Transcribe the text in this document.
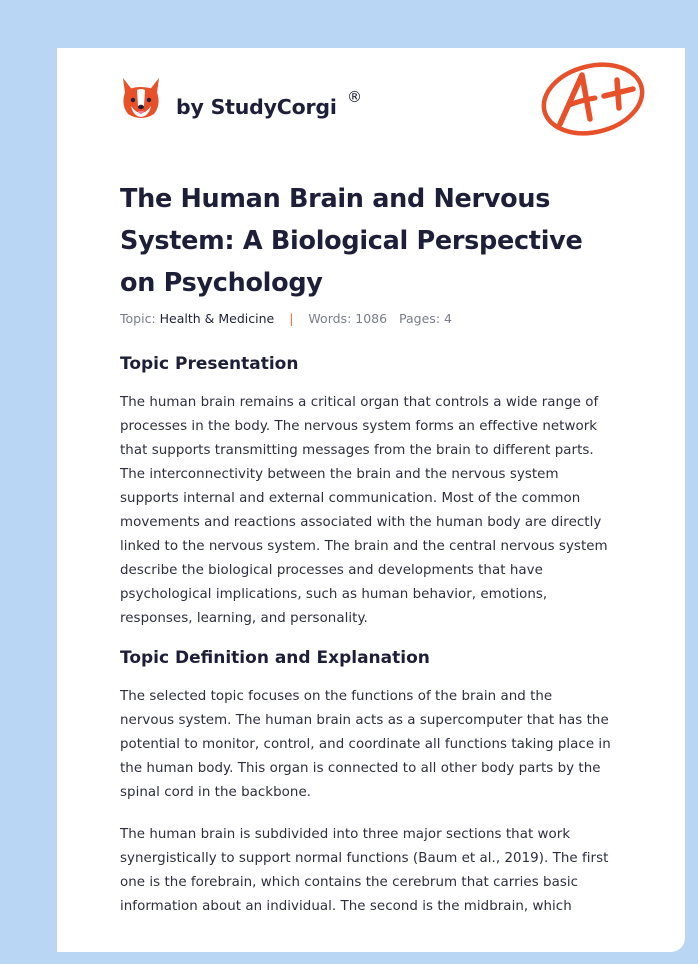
by StudyCorgi ®
The Human Brain and Nervous
System: A Biological Perspective
on Psychology
Topic: Health & Medicine | Words: 1086 Pages: 4
Topic Presentation

The human brain remains a critical organ that controls a wide range of
processes in the body. The nervous system forms an effective network
that supports transmitting messages from the brain to different parts.
The interconnectivity between the brain and the nervous system
supports internal and external communication. Most of the common
movements and reactions associated with the human body are directly
linked to the nervous system. The brain and the central nervous system
describe the biological processes and developments that have
psychological implications, such as human behavior, emotions,
responses, learning, and personality.

Topic Definition and Explanation

The selected topic focuses on the functions of the brain and the
nervous system. The human brain acts as a supercomputer that has the
potential to monitor, control, and coordinate all functions taking place in
the human body. This organ is connected to all other body parts by the
spinal cord in the backbone.

The human brain is subdivided into three major sections that work
synergistically to support normal functions (Baum et al., 2019). The first
one is the forebrain, which contains the cerebrum that carries basic
information about an individual. The second is the midbrain, which
